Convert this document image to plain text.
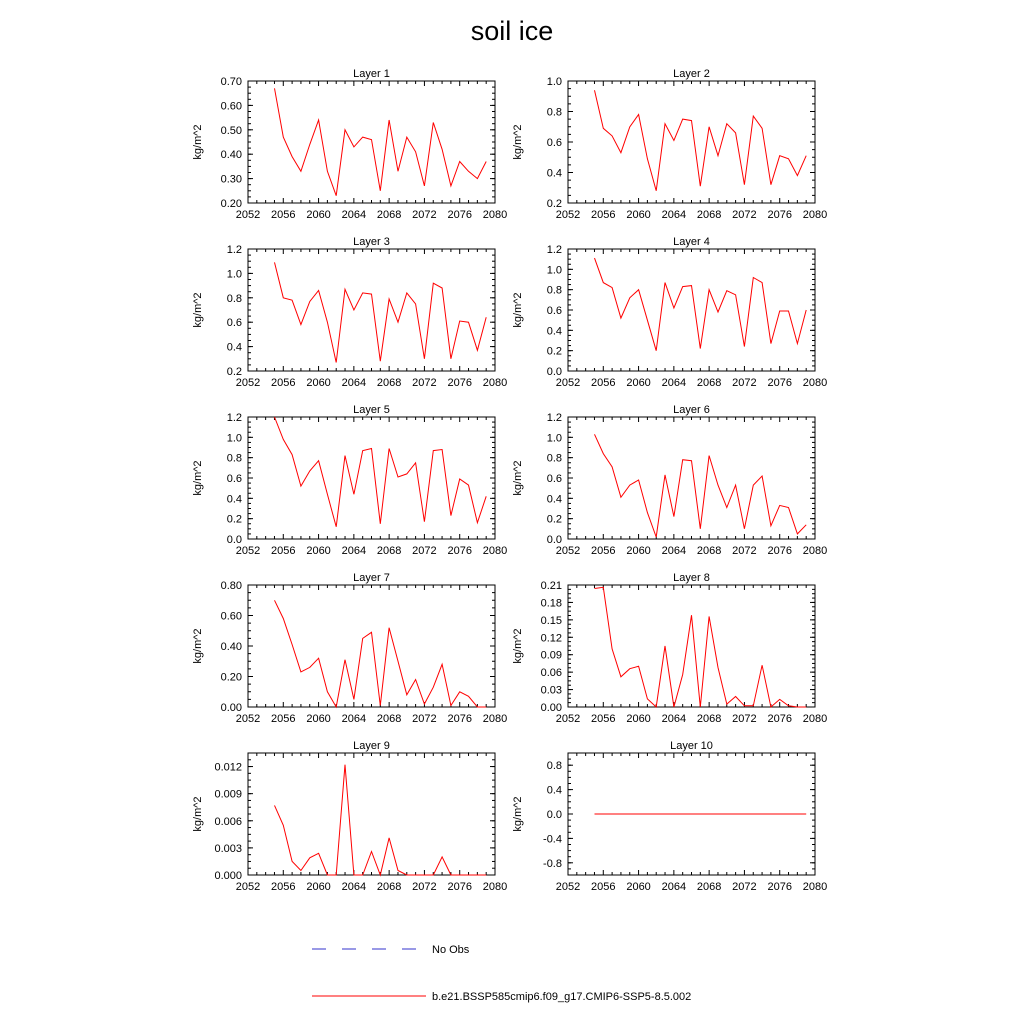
soil ice
Layer 1
kg/m^2
2052 2056 2060 2064 2068 2072 2076 2080
0.20
0.30
0.40
0.50
0.60
0.70
Layer 2
kg/m^2
2052 2056 2060 2064 2068 2072 2076 2080
0.2
0.4
0.6
0.8
1.0
Layer 3
kg/m^2
2052 2056 2060 2064 2068 2072 2076 2080
0.2
0.4
0.6
0.8
1.0
1.2
Layer 4
kg/m^2
2052 2056 2060 2064 2068 2072 2076 2080
0.0
0.2
0.4
0.6
0.8
1.0
1.2
Layer 5
kg/m^2
2052 2056 2060 2064 2068 2072 2076 2080
0.0
0.2
0.4
0.6
0.8
1.0
1.2
Layer 6
kg/m^2
2052 2056 2060 2064 2068 2072 2076 2080
0.0
0.2
0.4
0.6
0.8
1.0
1.2
Layer 7
kg/m^2
2052 2056 2060 2064 2068 2072 2076 2080
0.00
0.20
0.40
0.60
0.80
Layer 8
kg/m^2
2052 2056 2060 2064 2068 2072 2076 2080
0.00
0.03
0.06
0.09
0.12
0.15
0.18
0.21
Layer 9
kg/m^2
2052 2056 2060 2064 2068 2072 2076 2080
0.000
0.003
0.006
0.009
0.012
Layer 10
kg/m^2
2052 2056 2060 2064 2068 2072 2076 2080
-0.8
-0.4
0.0
0.4
0.8
No Obs
b.e21.BSSP585cmip6.f09_g17.CMIP6-SSP5-8.5.002
